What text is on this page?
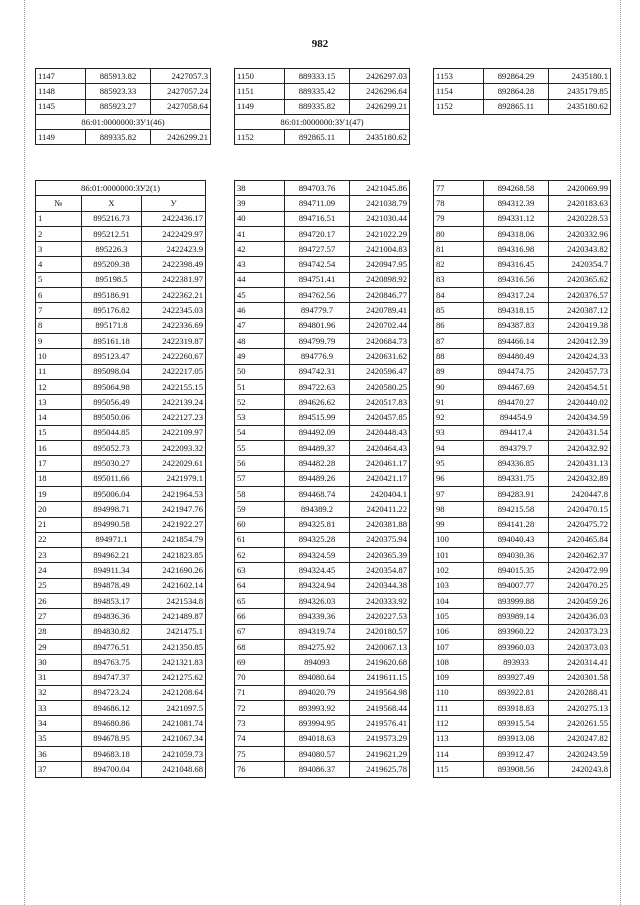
982
1147	885913.82	2427057.3
1148	885923.33	2427057.24
1145	885923.27	2427058.64
86:01:0000000:ЗУ1(46)		
1149	889335.82	2426299.21
1150	889333.15	2426297.03
1151	889335.42	2426296.64
1149	889335.82	2426299.21
86:01:0000000:ЗУ1(47)		
1152	892865.11	2435180.62
1153	892864.29	2435180.1
1154	892864.28	2435179.85
1152	892865.11	2435180.62
86:01:0000000:ЗУ2(1)		
№	X	У
1	895216.73	2422436.17
2	895212.51	2422429.97
3	895226.3	2422423.9
4	895209.38	2422398.49
5	895198.5	2422381.97
6	895186.91	2422362.21
7	895176.82	2422345.03
8	895171.8	2422336.69
9	895161.18	2422319.87
10	895123.47	2422260.67
11	895098.04	2422217.05
12	895064.98	2422155.15
13	895056.49	2422139.24
14	895050.06	2422127.23
15	895044.85	2422109.97
16	895052.73	2422093.32
17	895030.27	2422029.61
18	895011.66	2421979.1
19	895006.04	2421964.53
20	894998.71	2421947.76
21	894990.58	2421922.27
22	894971.1	2421854.79
23	894962.21	2421823.85
24	894911.34	2421690.26
25	894878.49	2421602.14
26	894853.17	2421534.8
27	894836.36	2421489.87
28	894830.82	2421475.1
29	894776.51	2421350.85
30	894763.75	2421321.83
31	894747.37	2421275.62
32	894723.24	2421208.64
33	894686.12	2421097.5
34	894680.86	2421081.74
35	894678.95	2421067.34
36	894683.18	2421059.73
37	894700.04	2421048.68
38	894703.76	2421045.86
39	894711.09	2421038.79
40	894716.51	2421030.44
41	894720.17	2421022.29
42	894727.57	2421004.83
43	894742.54	2420947.95
44	894751.41	2420898.92
45	894762.56	2420846.77
46	894779.7	2420789.41
47	894801.96	2420702.44
48	894799.79	2420684.73
49	894776.9	2420631.62
50	894742.31	2420596.47
51	894722.63	2420580.25
52	894626.62	2420517.83
53	894515.99	2420457.85
54	894492.09	2420448.43
55	894489.37	2420464.43
56	894482.28	2420461.17
57	894489.26	2420421.17
58	894468.74	2420404.1
59	894389.2	2420411.22
60	894325.81	2420381.88
61	894325.28	2420375.94
62	894324.59	2420365.39
63	894324.45	2420354.87
64	894324.94	2420344.38
65	894326.03	2420333.92
66	894339.36	2420227.53
67	894319.74	2420180.57
68	894275.92	2420067.13
69	894093	2419620.68
70	894080.64	2419611.15
71	894020.79	2419564.98
72	893993.92	2419568.44
73	893994.95	2419576.41
74	894018.63	2419573.29
75	894080.57	2419621.29
76	894086.37	2419625.78
77	894268.58	2420069.99
78	894312.39	2420183.63
79	894331.12	2420228.53
80	894318.06	2420332.96
81	894316.98	2420343.82
82	894316.45	2420354.7
83	894316.56	2420365.62
84	894317.24	2420376.57
85	894318.15	2420387.12
86	894387.83	2420419.38
87	894466.14	2420412.39
88	894480.49	2420424.33
89	894474.75	2420457.73
90	894467.69	2420454.51
91	894470.27	2420440.02
92	894454.9	2420434.59
93	894417.4	2420431.54
94	894379.7	2420432.92
95	894336.85	2420431.13
96	894331.75	2420432.89
97	894283.91	2420447.8
98	894215.58	2420470.15
99	894141.28	2420475.72
100	894040.43	2420465.84
101	894030.36	2420462.37
102	894015.35	2420472.99
103	894007.77	2420470.25
104	893999.88	2420459.26
105	893989.14	2420436.03
106	893960.22	2420373.23
107	893960.03	2420373.03
108	893933	2420314.41
109	893927.49	2420301.58
110	893922.81	2420288.41
111	893918.83	2420275.13
112	893915.54	2420261.55
113	893913.08	2420247.82
114	893912.47	2420243.59
115	893908.56	2420243.8
